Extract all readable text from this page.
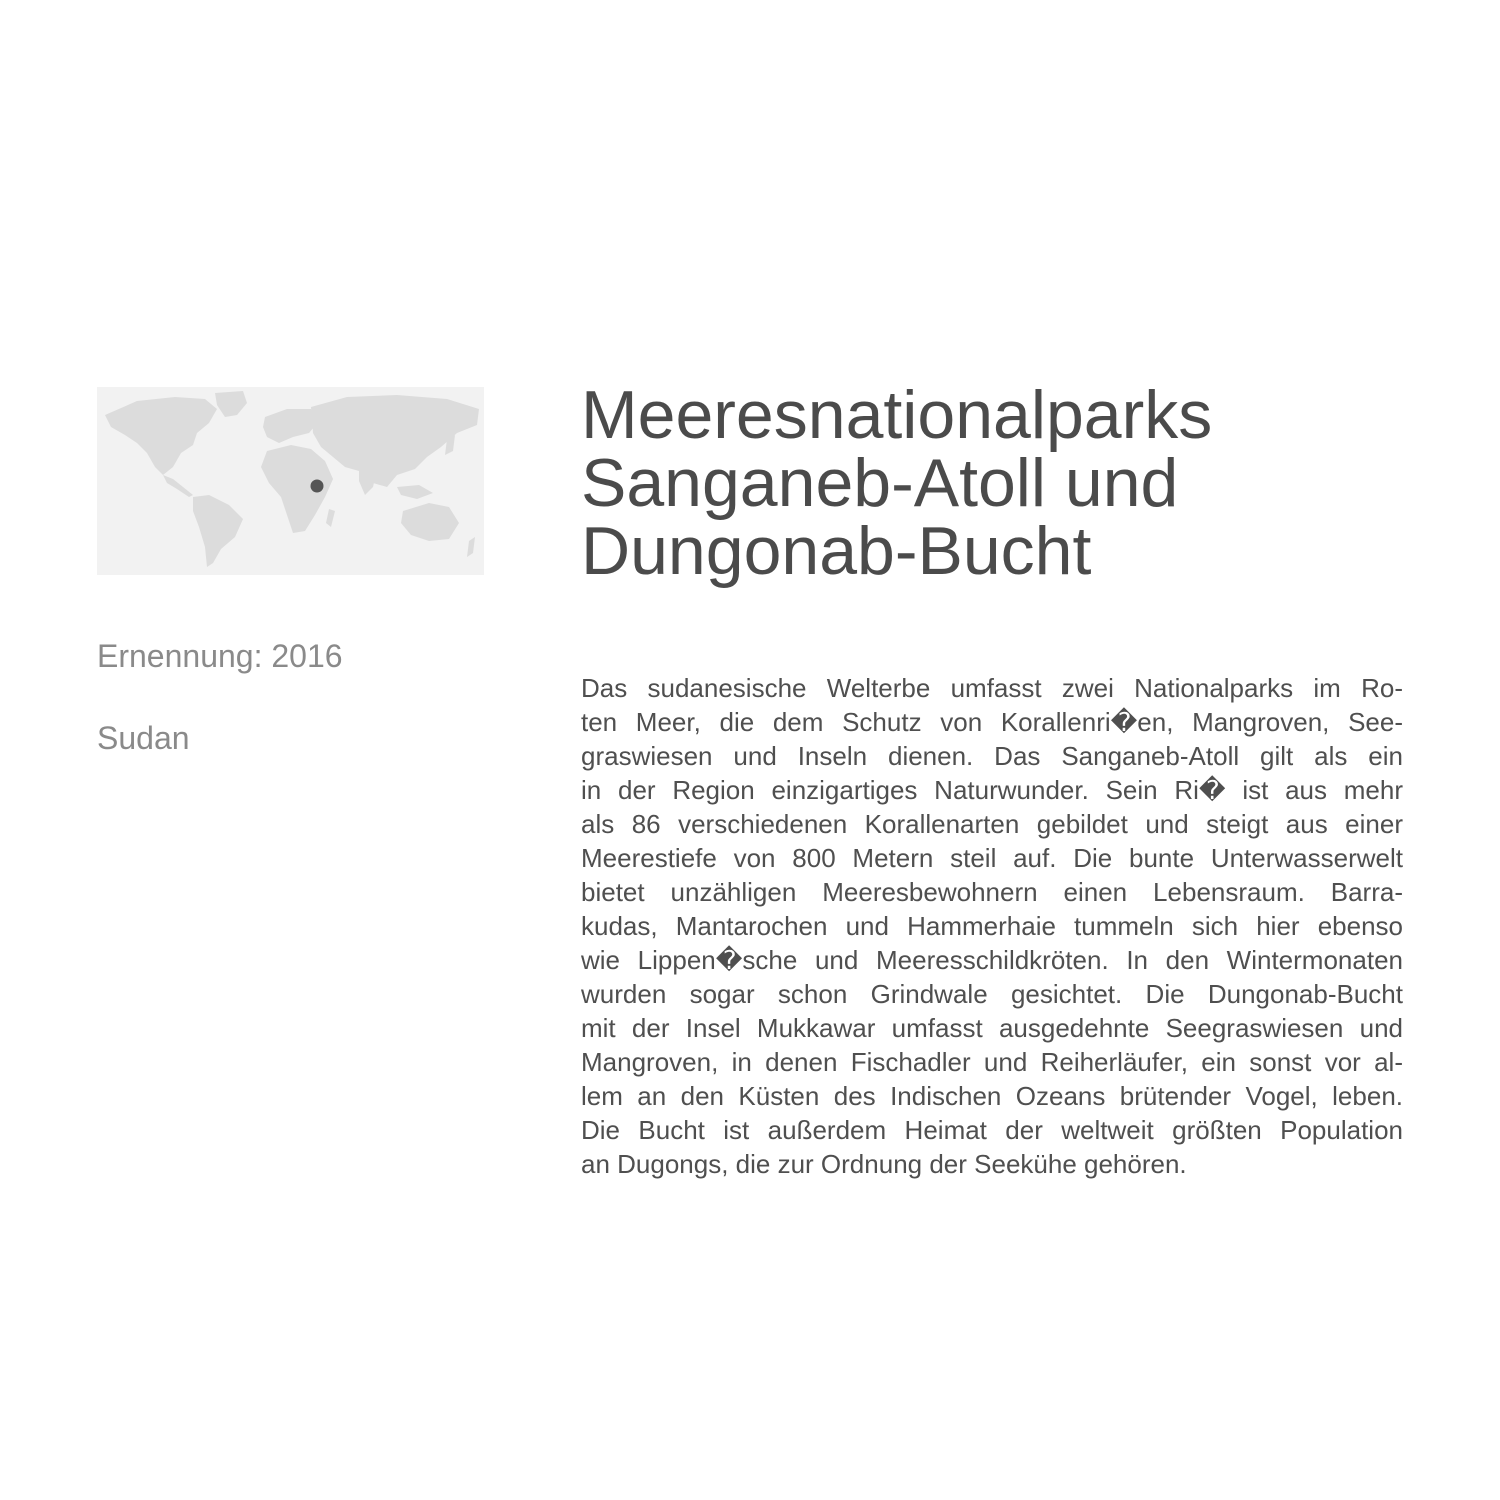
Ernennung: 2016
Sudan
Meeresnationalparks
Sanganeb-Atoll und
Dungonab-Bucht
Das sudanesische Welterbe umfasst zwei Nationalparks im Ro-
ten Meer, die dem Schutz von Korallenri�en, Mangroven, See-
graswiesen und Inseln dienen. Das Sanganeb-Atoll gilt als ein
in der Region einzigartiges Naturwunder. Sein Ri� ist aus mehr
als 86 verschiedenen Korallenarten gebildet und steigt aus einer
Meerestiefe von 800 Metern steil auf. Die bunte Unterwasserwelt
bietet unzähligen Meeresbewohnern einen Lebensraum. Barra-
kudas, Mantarochen und Hammerhaie tummeln sich hier ebenso
wie Lippen�sche und Meeresschildkröten. In den Wintermonaten
wurden sogar schon Grindwale gesichtet. Die Dungonab-Bucht
mit der Insel Mukkawar umfasst ausgedehnte Seegraswiesen und
Mangroven, in denen Fischadler und Reiherläufer, ein sonst vor al-
lem an den Küsten des Indischen Ozeans brütender Vogel, leben.
Die Bucht ist außerdem Heimat der weltweit größten Population
an Dugongs, die zur Ordnung der Seekühe gehören.
